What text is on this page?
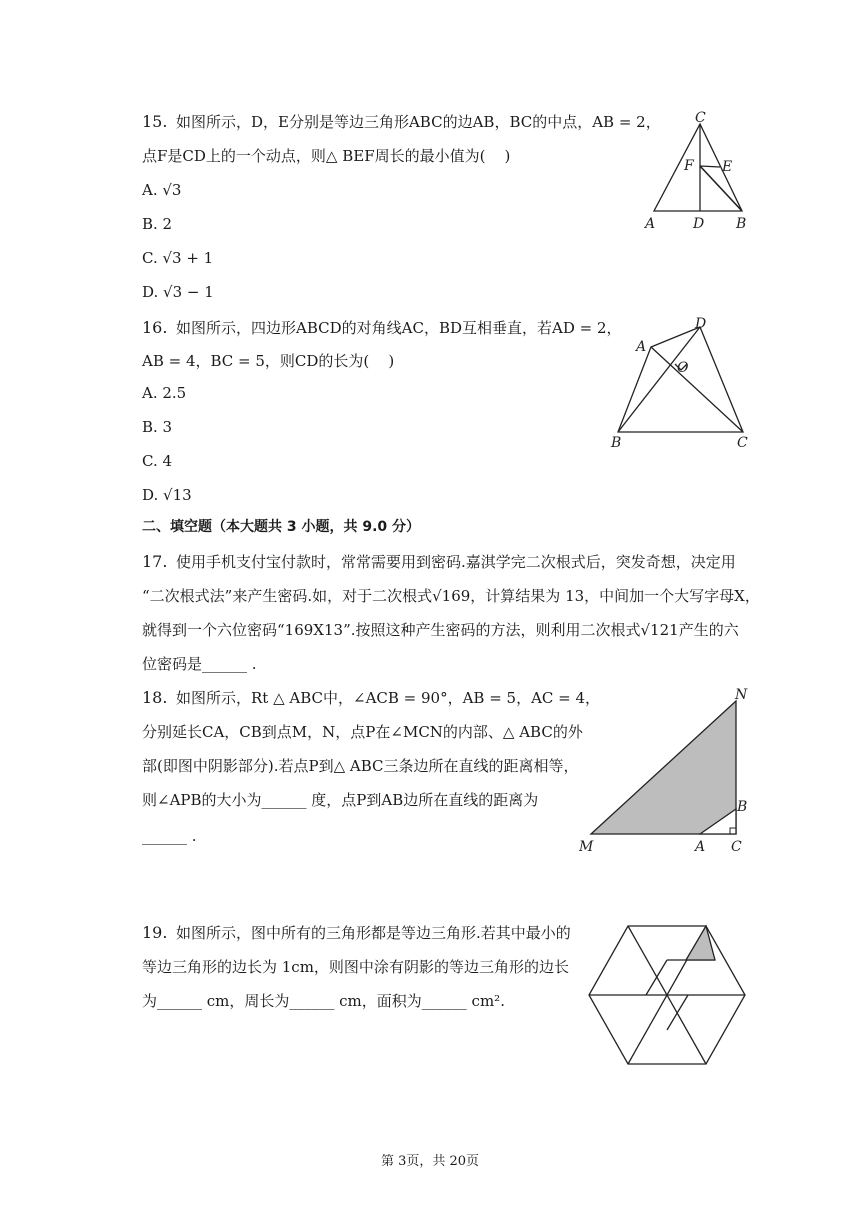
15. 如图所示，D，E分别是等边三角形ABC的边AB，BC的中点，AB = 2，
点F是CD上的一个动点，则△ BEF周长的最小值为(    )
A. √3
B. 2
C. √3 + 1
D. √3 − 1
C
F E
A	D B
16. 如图所示，四边形ABCD的对角线AC，BD互相垂直，若AD = 2，
AB = 4，BC = 5，则CD的长为(    )
A. 2.5
B. 3
C. 4
D. √13
A
D
O
B	C
二、填空题（本大题共 3 小题，共 9.0 分）
17. 使用手机支付宝付款时，常常需要用到密码.嘉淇学完二次根式后，突发奇想，决定用
“二次根式法”来产生密码.如，对于二次根式√169，计算结果为 13，中间加一个大写字母X，
就得到一个六位密码“169X13”.按照这种产生密码的方法，则利用二次根式√121产生的六
位密码是______ .
18. 如图所示，Rt △ ABC中，∠ACB = 90°，AB = 5，AC = 4，
分别延长CA，CB到点M，N，点P在∠MCN的内部、△ ABC的外
部(即图中阴影部分).若点P到△ ABC三条边所在直线的距离相等，
则∠APB的大小为______ 度，点P到AB边所在直线的距离为
______ .
N
B
M	A C
19. 如图所示，图中所有的三角形都是等边三角形.若其中最小的
等边三角形的边长为 1cm，则图中涂有阴影的等边三角形的边长
为______ cm，周长为______ cm，面积为______ cm².
第 3页，共 20页
